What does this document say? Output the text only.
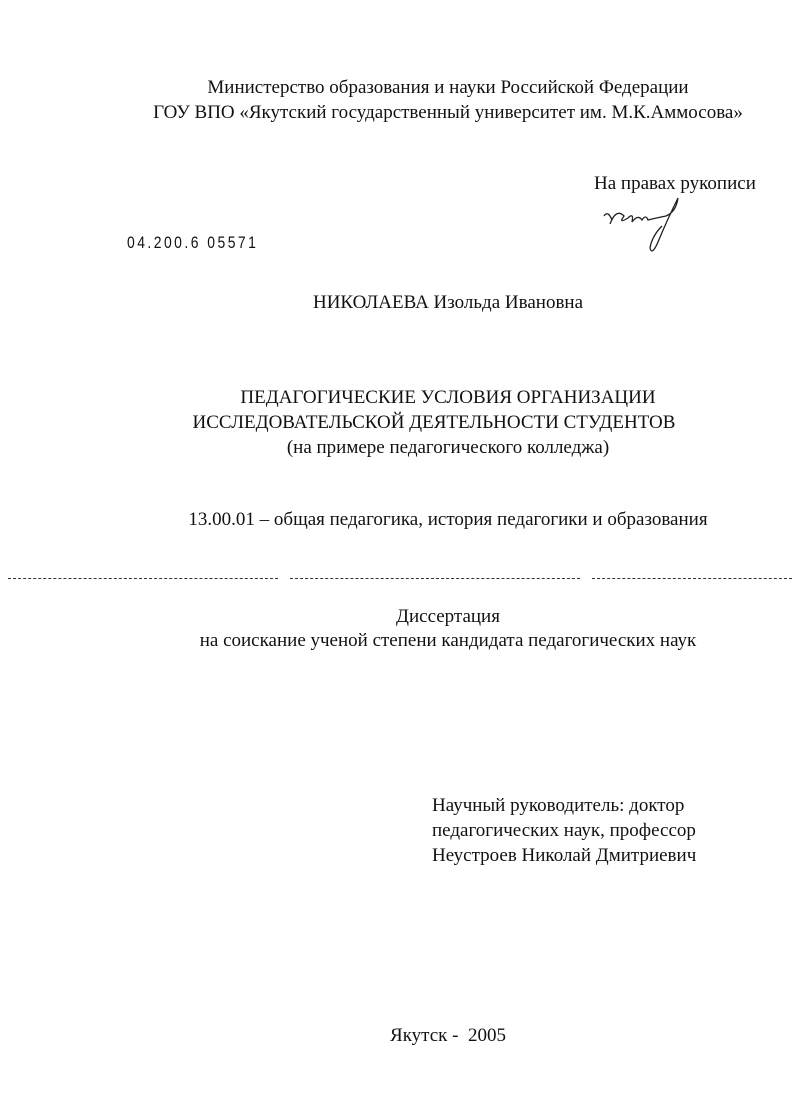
Министерство образования и науки Российской Федерации
ГОУ ВПО «Якутский государственный университет им. М.К.Аммосова»
На правах рукописи
04.200.6 05571
НИКОЛАЕВА Изольда Ивановна
ПЕДАГОГИЧЕСКИЕ УСЛОВИЯ ОРГАНИЗАЦИИ
ИССЛЕДОВАТЕЛЬСКОЙ ДЕЯТЕЛЬНОСТИ СТУДЕНТОВ
(на примере педагогического колледжа)
13.00.01 – общая педагогика, история педагогики и образования
Диссертация
на соискание ученой степени кандидата педагогических наук
Научный руководитель: доктор
педагогических наук, профессор
Неустроев Николай Дмитриевич
Якутск -  2005
